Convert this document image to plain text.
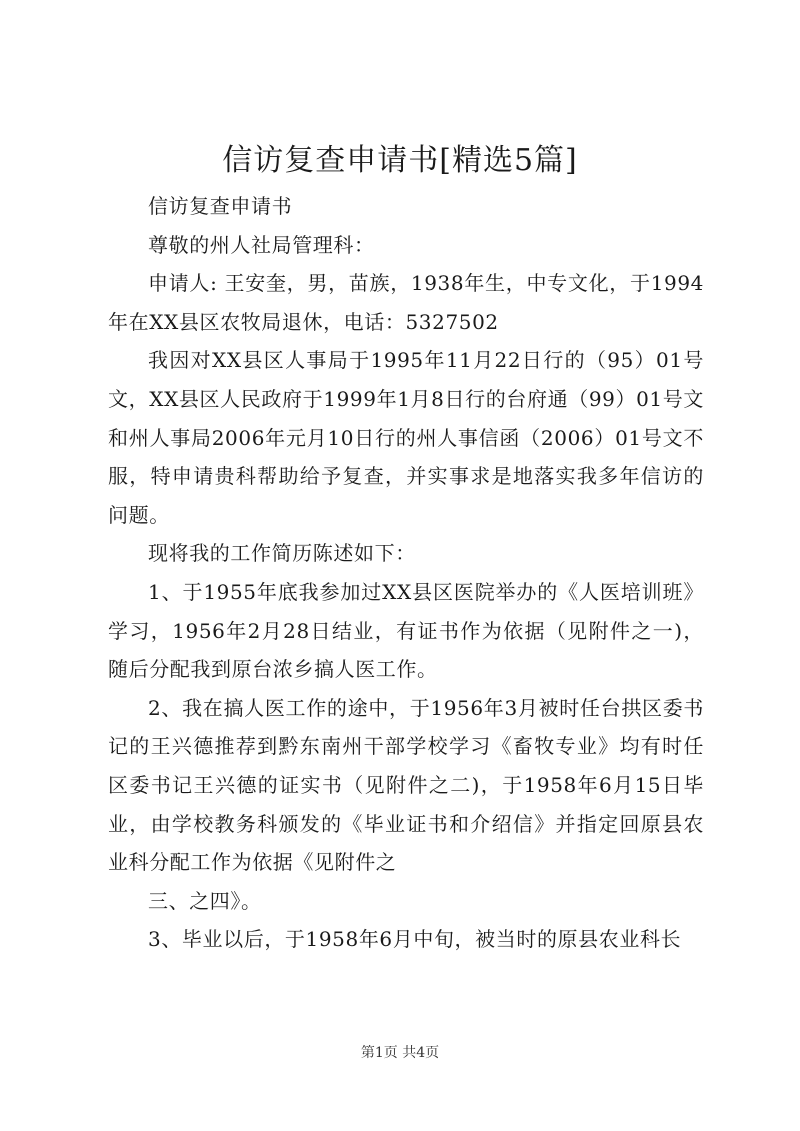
信访复查申请书[精选5篇]

信访复查申请书

尊敬的州人社局管理科：

申请人: 王安奎，男，苗族，1938年生，中专文化，于1994年在XX县区农牧局退休，电话：5327502

我因对XX县区人事局于1995年11月22日行的（95）01号文，XX县区人民政府于1999年1月8日行的台府通（99）01号文和州人事局2006年元月10日行的州人事信函（2006）01号文不服，特申请贵科帮助给予复查，并实事求是地落实我多年信访的问题。

现将我的工作简历陈述如下：

1、于1955年底我参加过XX县区医院举办的《人医培训班》学习，1956年2月28日结业，有证书作为依据（见附件之一)，随后分配我到原台浓乡搞人医工作。

2、我在搞人医工作的途中，于1956年3月被时任台拱区委书记的王兴德推荐到黔东南州干部学校学习《畜牧专业》均有时任区委书记王兴德的证实书（见附件之二)，于1958年6月15日毕业，由学校教务科颁发的《毕业证书和介绍信》并指定回原县农业科分配工作为依据《见附件之

三、之四》。

3、毕业以后，于1958年6月中旬，被当时的原县农业科长

第1页 共4页
